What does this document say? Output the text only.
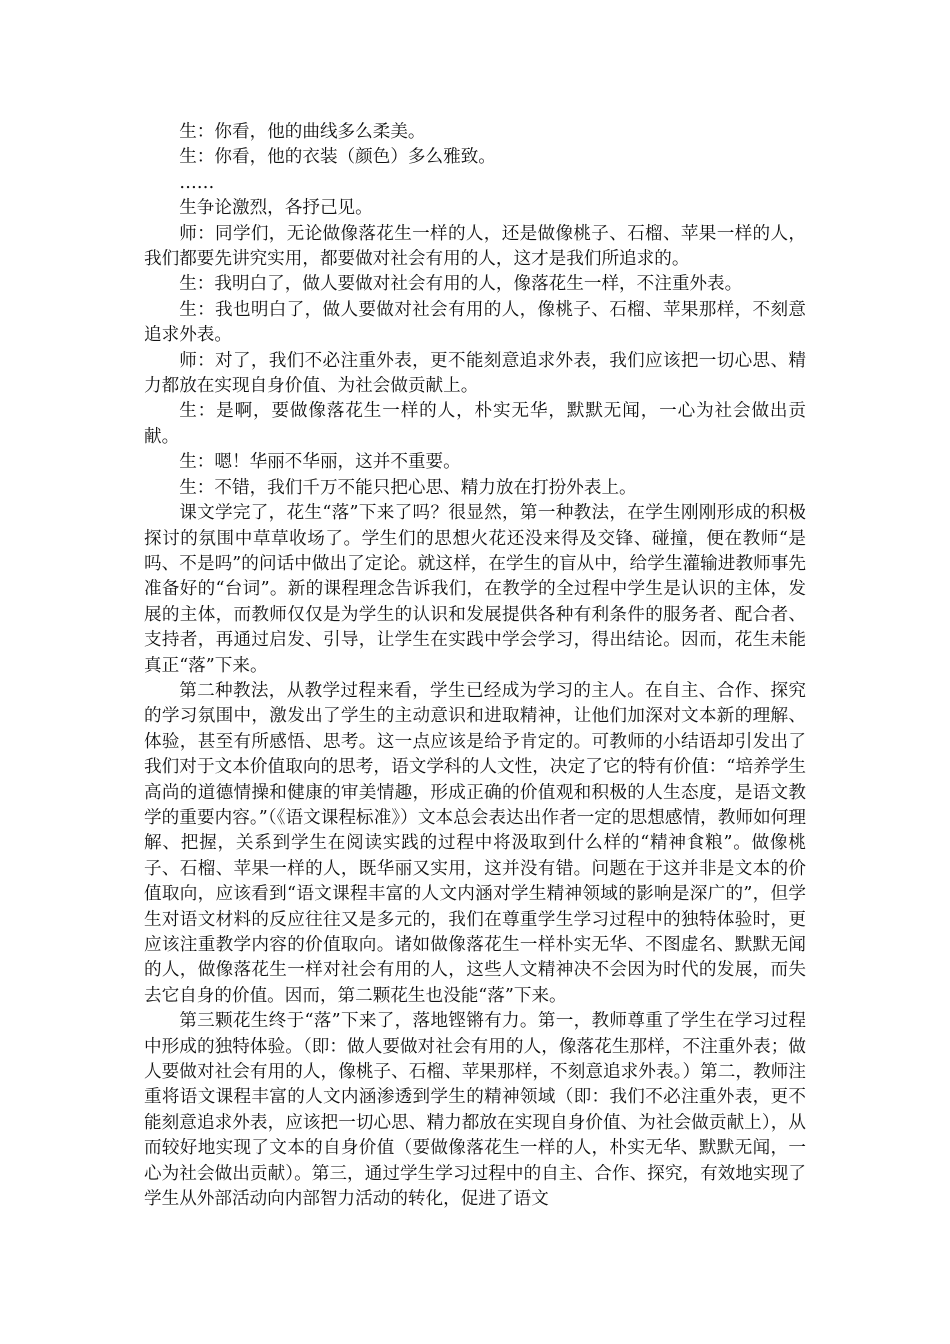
生：你看，他的曲线多么柔美。

生：你看，他的衣装（颜色）多么雅致。

……

生争论激烈，各抒己见。

师：同学们，无论做像落花生一样的人，还是做像桃子、石榴、苹果一样的人，我们都要先讲究实用，都要做对社会有用的人，这才是我们所追求的。

生：我明白了，做人要做对社会有用的人，像落花生一样，不注重外表。

生：我也明白了，做人要做对社会有用的人，像桃子、石榴、苹果那样，不刻意追求外表。

师：对了，我们不必注重外表，更不能刻意追求外表，我们应该把一切心思、精力都放在实现自身价值、为社会做贡献上。

生：是啊，要做像落花生一样的人，朴实无华，默默无闻，一心为社会做出贡献。

生：嗯！华丽不华丽，这并不重要。

生：不错，我们千万不能只把心思、精力放在打扮外表上。

课文学完了，花生“落”下来了吗？很显然，第一种教法，在学生刚刚形成的积极探讨的氛围中草草收场了。学生们的思想火花还没来得及交锋、碰撞，便在教师“是吗、不是吗”的问话中做出了定论。就这样，在学生的盲从中，给学生灌输进教师事先准备好的“台词”。新的课程理念告诉我们，在教学的全过程中学生是认识的主体，发展的主体，而教师仅仅是为学生的认识和发展提供各种有利条件的服务者、配合者、支持者，再通过启发、引导，让学生在实践中学会学习，得出结论。因而，花生未能真正“落”下来。

第二种教法，从教学过程来看，学生已经成为学习的主人。在自主、合作、探究的学习氛围中，激发出了学生的主动意识和进取精神，让他们加深对文本新的理解、体验，甚至有所感悟、思考。这一点应该是给予肯定的。可教师的小结语却引发出了我们对于文本价值取向的思考，语文学科的人文性，决定了它的特有价值：“培养学生高尚的道德情操和健康的审美情趣，形成正确的价值观和积极的人生态度，是语文教学的重要内容。”（《语文课程标准》）文本总会表达出作者一定的思想感情，教师如何理解、把握，关系到学生在阅读实践的过程中将汲取到什么样的“精神食粮”。做像桃子、石榴、苹果一样的人，既华丽又实用，这并没有错。问题在于这并非是文本的价值取向，应该看到“语文课程丰富的人文内涵对学生精神领域的影响是深广的”，但学生对语文材料的反应往往又是多元的，我们在尊重学生学习过程中的独特体验时，更应该注重教学内容的价值取向。诸如做像落花生一样朴实无华、不图虚名、默默无闻的人，做像落花生一样对社会有用的人，这些人文精神决不会因为时代的发展，而失去它自身的价值。因而，第二颗花生也没能“落”下来。

第三颗花生终于“落”下来了，落地铿锵有力。第一，教师尊重了学生在学习过程中形成的独特体验。（即：做人要做对社会有用的人，像落花生那样，不注重外表；做人要做对社会有用的人，像桃子、石榴、苹果那样，不刻意追求外表。）第二，教师注重将语文课程丰富的人文内涵渗透到学生的精神领域（即：我们不必注重外表，更不能刻意追求外表，应该把一切心思、精力都放在实现自身价值、为社会做贡献上），从而较好地实现了文本的自身价值（要做像落花生一样的人，朴实无华、默默无闻，一心为社会做出贡献）。第三，通过学生学习过程中的自主、合作、探究，有效地实现了学生从外部活动向内部智力活动的转化，促进了语文
